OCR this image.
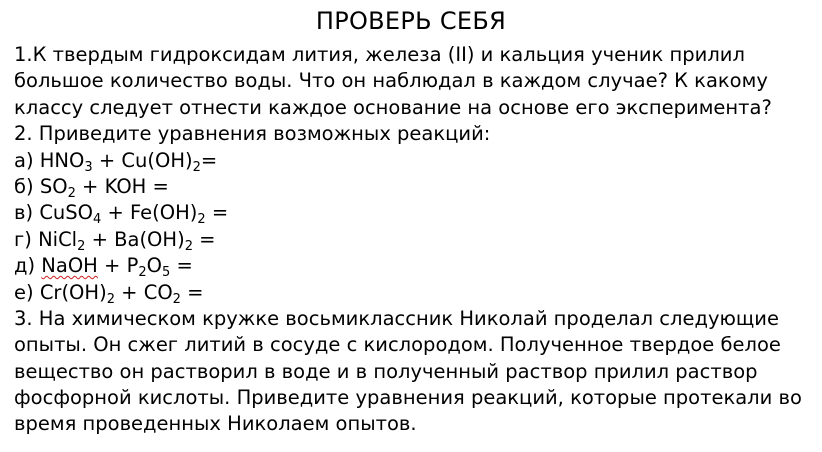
ПРОВЕРЬ СЕБЯ
1.К твердым гидроксидам лития, железа (II) и кальция ученик прилил
большое количество воды. Что он наблюдал в каждом случае? К какому
классу следует отнести каждое основание на основе его эксперимента?
2. Приведите уравнения возможных реакций:
а) $HNO_3 + Cu(OH)_2=$
б) $SO_2$ + KOH =
в) CuSO$_4$ + $Fe(OH)_2$ =
г) NiCl$_2$ + $Ba(OH)_2$ =
д) NaOH + $P_2O_5$ =
е) $Cr(OH)_2 + CO_2$ =
3. На химическом кружке восьмиклассник Николай проделал следующие
опыты. Он сжег литий в сосуде с кислородом. Полученное твердое белое
вещество он растворил в воде и в полученный раствор прилил раствор
фосфорной кислоты. Приведите уравнения реакций, которые протекали во
время проведенных Николаем опытов.
